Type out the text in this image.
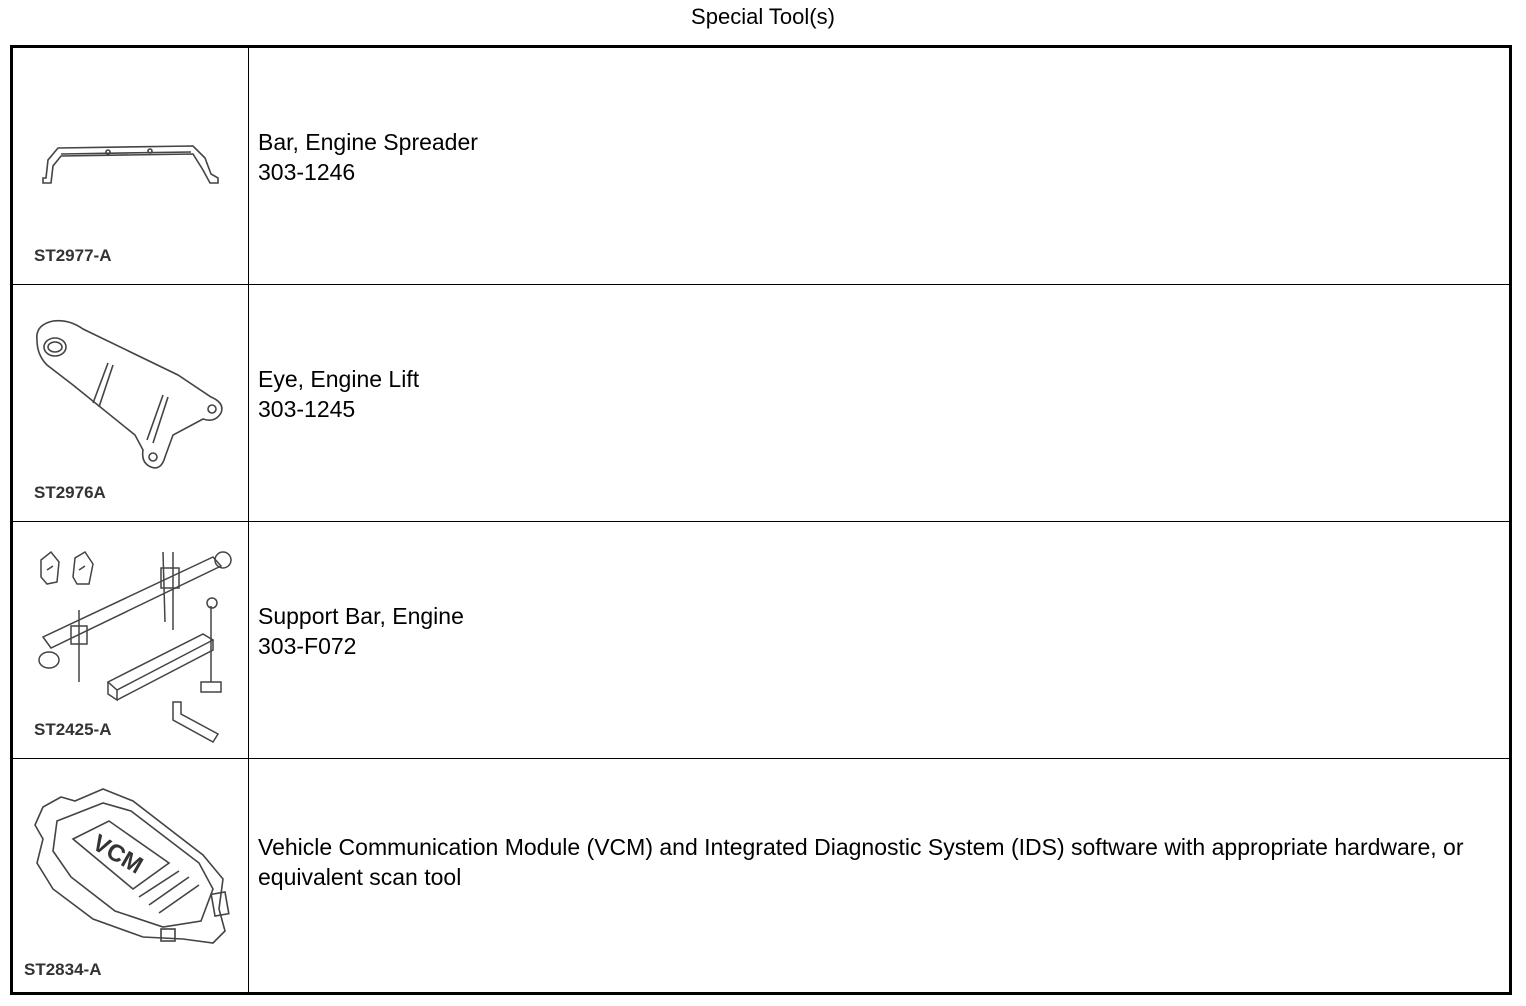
Special Tool(s)
ST2977-A
Bar, Engine Spreader
303-1246
ST2976A
Eye, Engine Lift
303-1245
ST2425-A
Support Bar, Engine
303-F072
VCM
ST2834-A
Vehicle Communication Module (VCM) and Integrated Diagnostic System (IDS) software with appropriate hardware, or equivalent scan tool
